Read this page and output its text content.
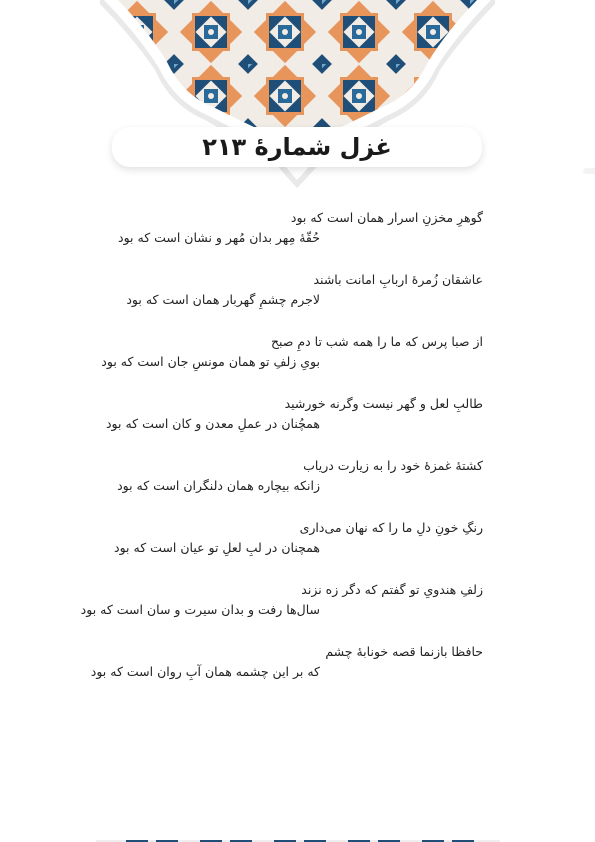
غزل شمارهٔ ۲۱۳
گوهرِ مخزنِ اسرار همان است که بود
حُقّهٔ مِهر بدان مُهر و نشان است که بود
عاشقان زُمرهٔ اربابِ امانت باشند
لاجرم چشمِ گهربار همان است که بود
از صبا پرس که ما را همه شب تا دمِ صبح
بویِ زلفِ تو همان مونسِ جان است که بود
طالبِ لعل و گهر نیست وگرنه خورشید
همچُنان در عملِ معدن و کان است که بود
کشتهٔ غمزهٔ خود را به زیارت دریاب
زانکه بیچاره همان دلنگران است که بود
رنگِ خونِ دلِ ما را که نهان می‌داری
همچنان در لبِ لعلِ تو عیان است که بود
زلفِ هندویِ تو گفتم که دگر زه نزند
سال‌ها رفت و بدان سیرت و سان است که بود
حافظا بازنما قصه خونابهٔ چشم
که بر این چشمه همان آبِ روان است که بود
